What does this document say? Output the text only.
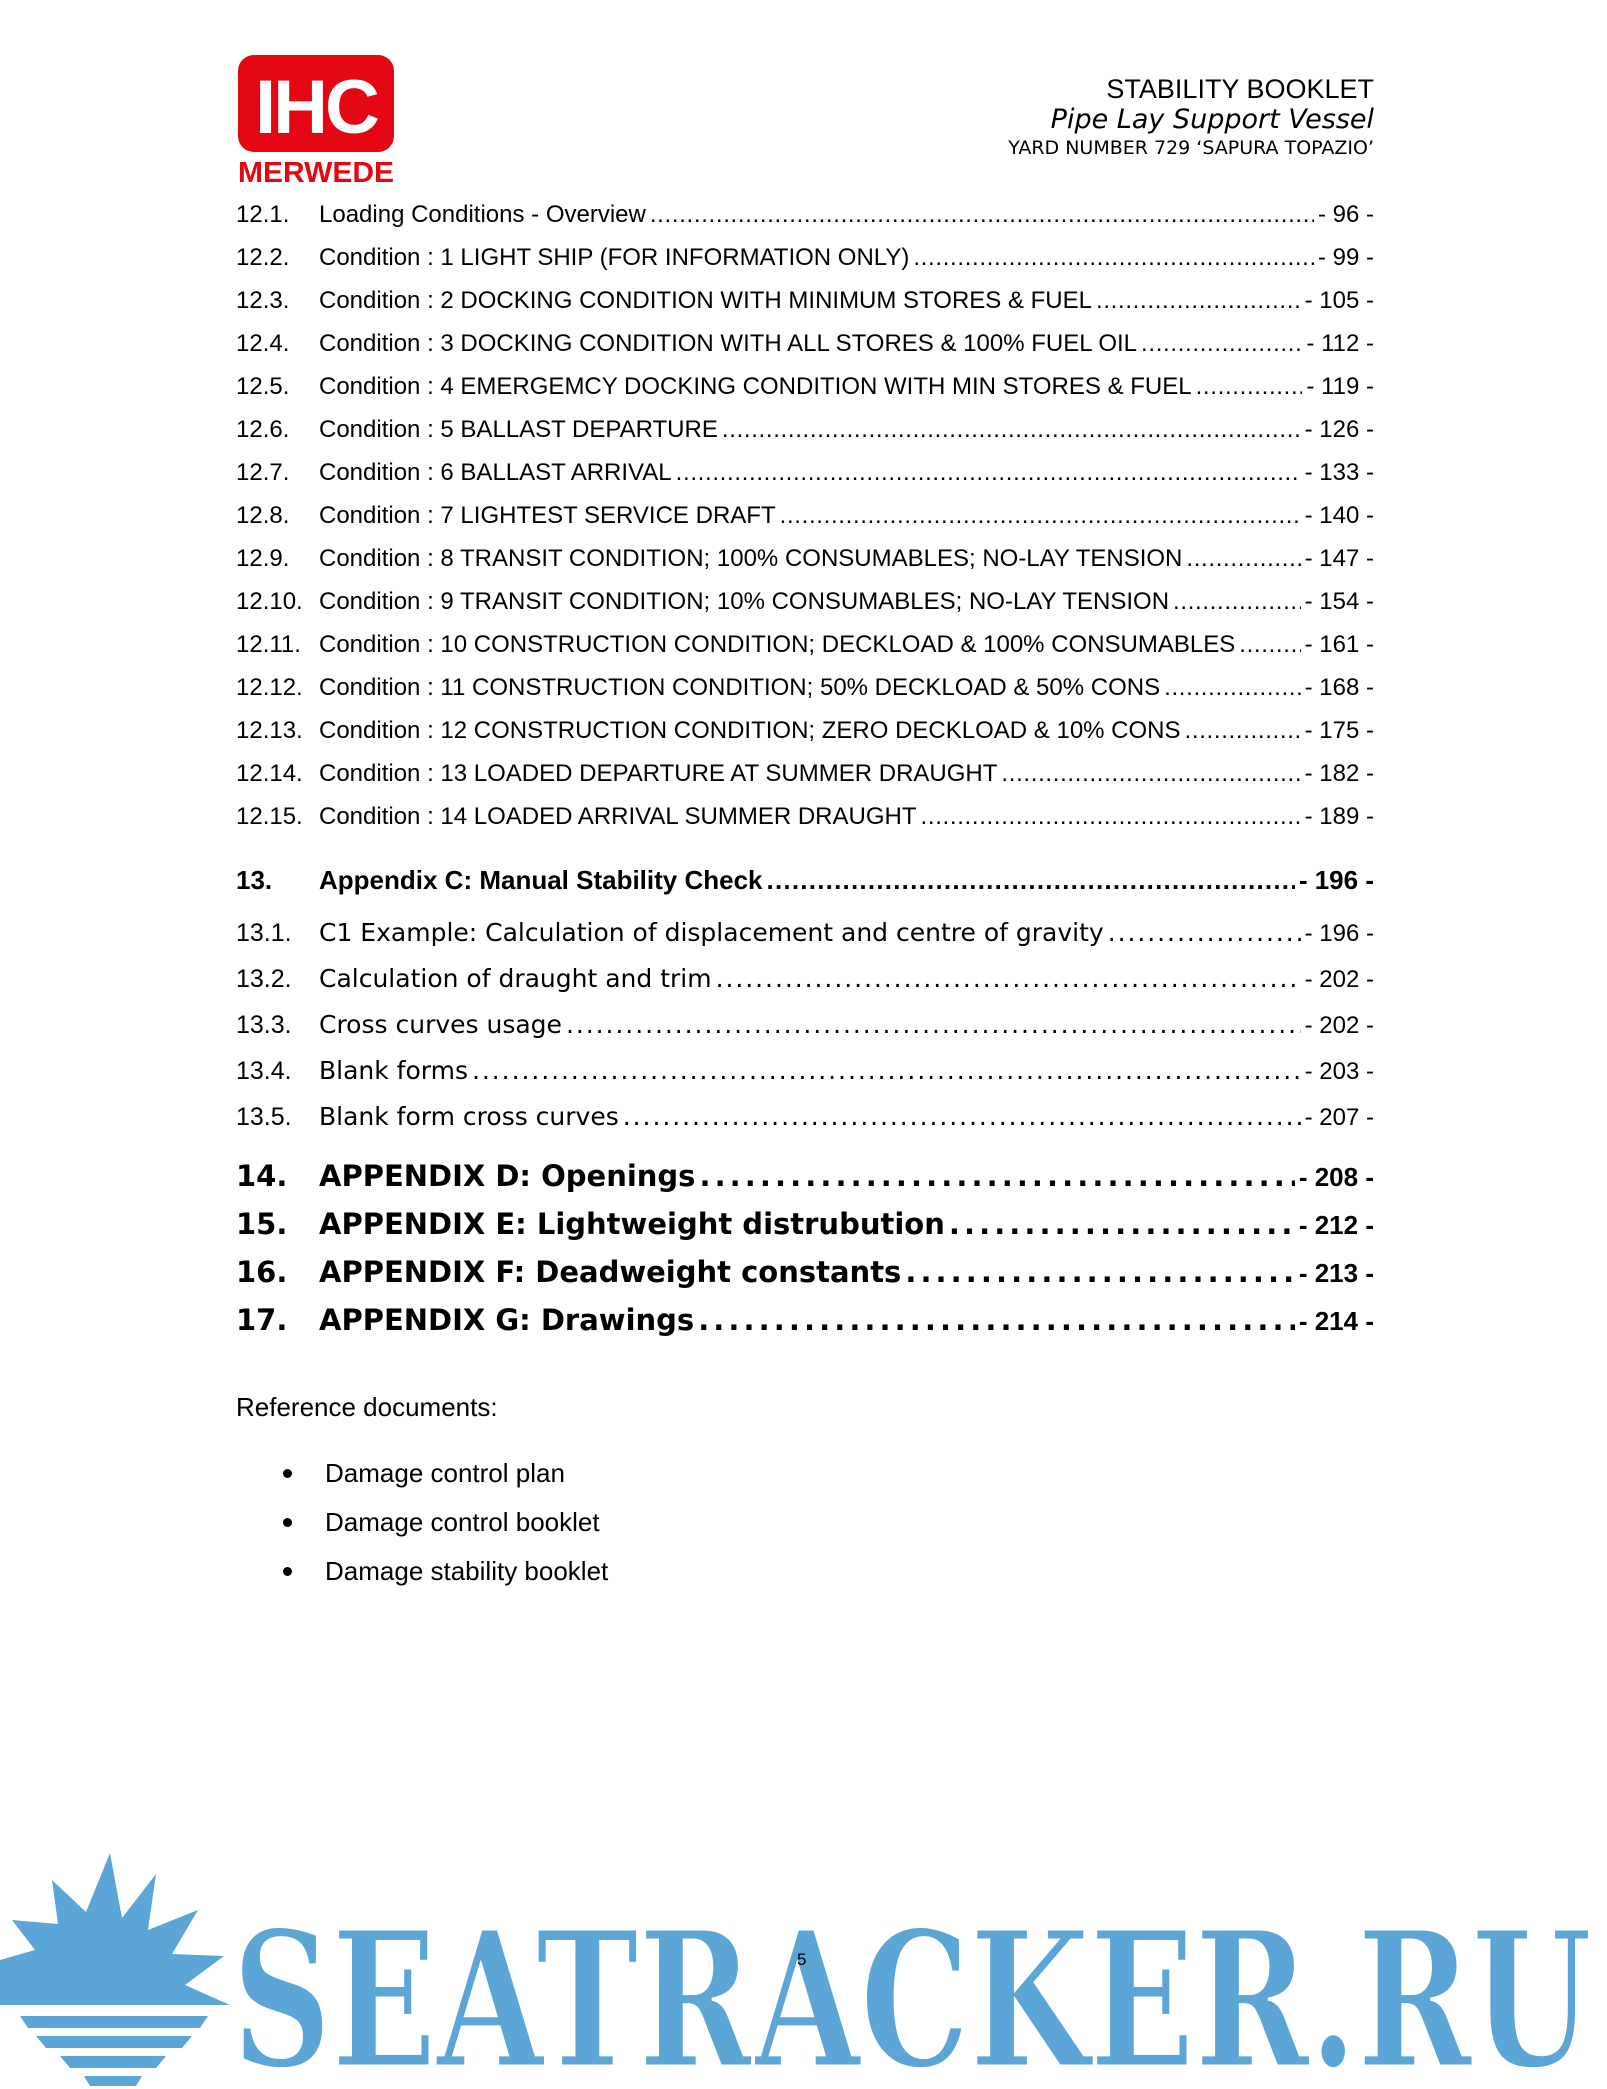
IHC
MERWEDE
STABILITY BOOKLET
Pipe Lay Support Vessel
YARD NUMBER 729 ‘SAPURA TOPAZIO’
12.1.	Loading Conditions - Overview . . .	- 96 -
12.2.	Condition : 1 LIGHT SHIP (FOR INFORMATION ONLY) . . .	- 99 -
12.3.	Condition : 2 DOCKING CONDITION WITH MINIMUM STORES & FUEL . . .	- 105 -
12.4.	Condition : 3 DOCKING CONDITION WITH ALL STORES & 100% FUEL OIL . . .	- 112 -
12.5.	Condition : 4 EMERGEMCY DOCKING CONDITION WITH MIN STORES & FUEL . . .	- 119 -
12.6.	Condition : 5 BALLAST DEPARTURE . . .	- 126 -
12.7.	Condition : 6 BALLAST ARRIVAL . . .	- 133 -
12.8.	Condition : 7 LIGHTEST SERVICE DRAFT . . .	- 140 -
12.9.	Condition : 8 TRANSIT CONDITION; 100% CONSUMABLES; NO-LAY TENSION . . .	- 147 -
12.10. Condition : 9 TRANSIT CONDITION; 10% CONSUMABLES; NO-LAY TENSION . . .	- 154 -
12.11. Condition : 10 CONSTRUCTION CONDITION; DECKLOAD & 100% CONSUMABLES . . .	- 161 -
12.12. Condition : 11 CONSTRUCTION CONDITION; 50% DECKLOAD & 50% CONS . . .	- 168 -
12.13. Condition : 12 CONSTRUCTION CONDITION; ZERO DECKLOAD & 10% CONS . . .	- 175 -
12.14. Condition : 13 LOADED DEPARTURE AT SUMMER DRAUGHT . . .	- 182 -
12.15. Condition : 14 LOADED ARRIVAL SUMMER DRAUGHT . . .	- 189 -
13.	Appendix C: Manual Stability Check . . .	- 196 -
13.1.	C1 Example: Calculation of displacement and centre of gravity . . .	- 196 -
13.2.	Calculation of draught and trim . . .	- 202 -
13.3.	Cross curves usage . . .	- 202 -
13.4.	Blank forms . . .	- 203 -
13.5.	Blank form cross curves . . .	- 207 -
14.	APPENDIX D: Openings . . .	- 208 -
15.	APPENDIX E: Lightweight distrubution . . .	- 212 -
16.	APPENDIX F: Deadweight constants . . .	- 213 -
17.	APPENDIX G: Drawings . . .	- 214 -
Reference documents:
Damage control plan
Damage control booklet
Damage stability booklet
SEATRACKER.RU
5
